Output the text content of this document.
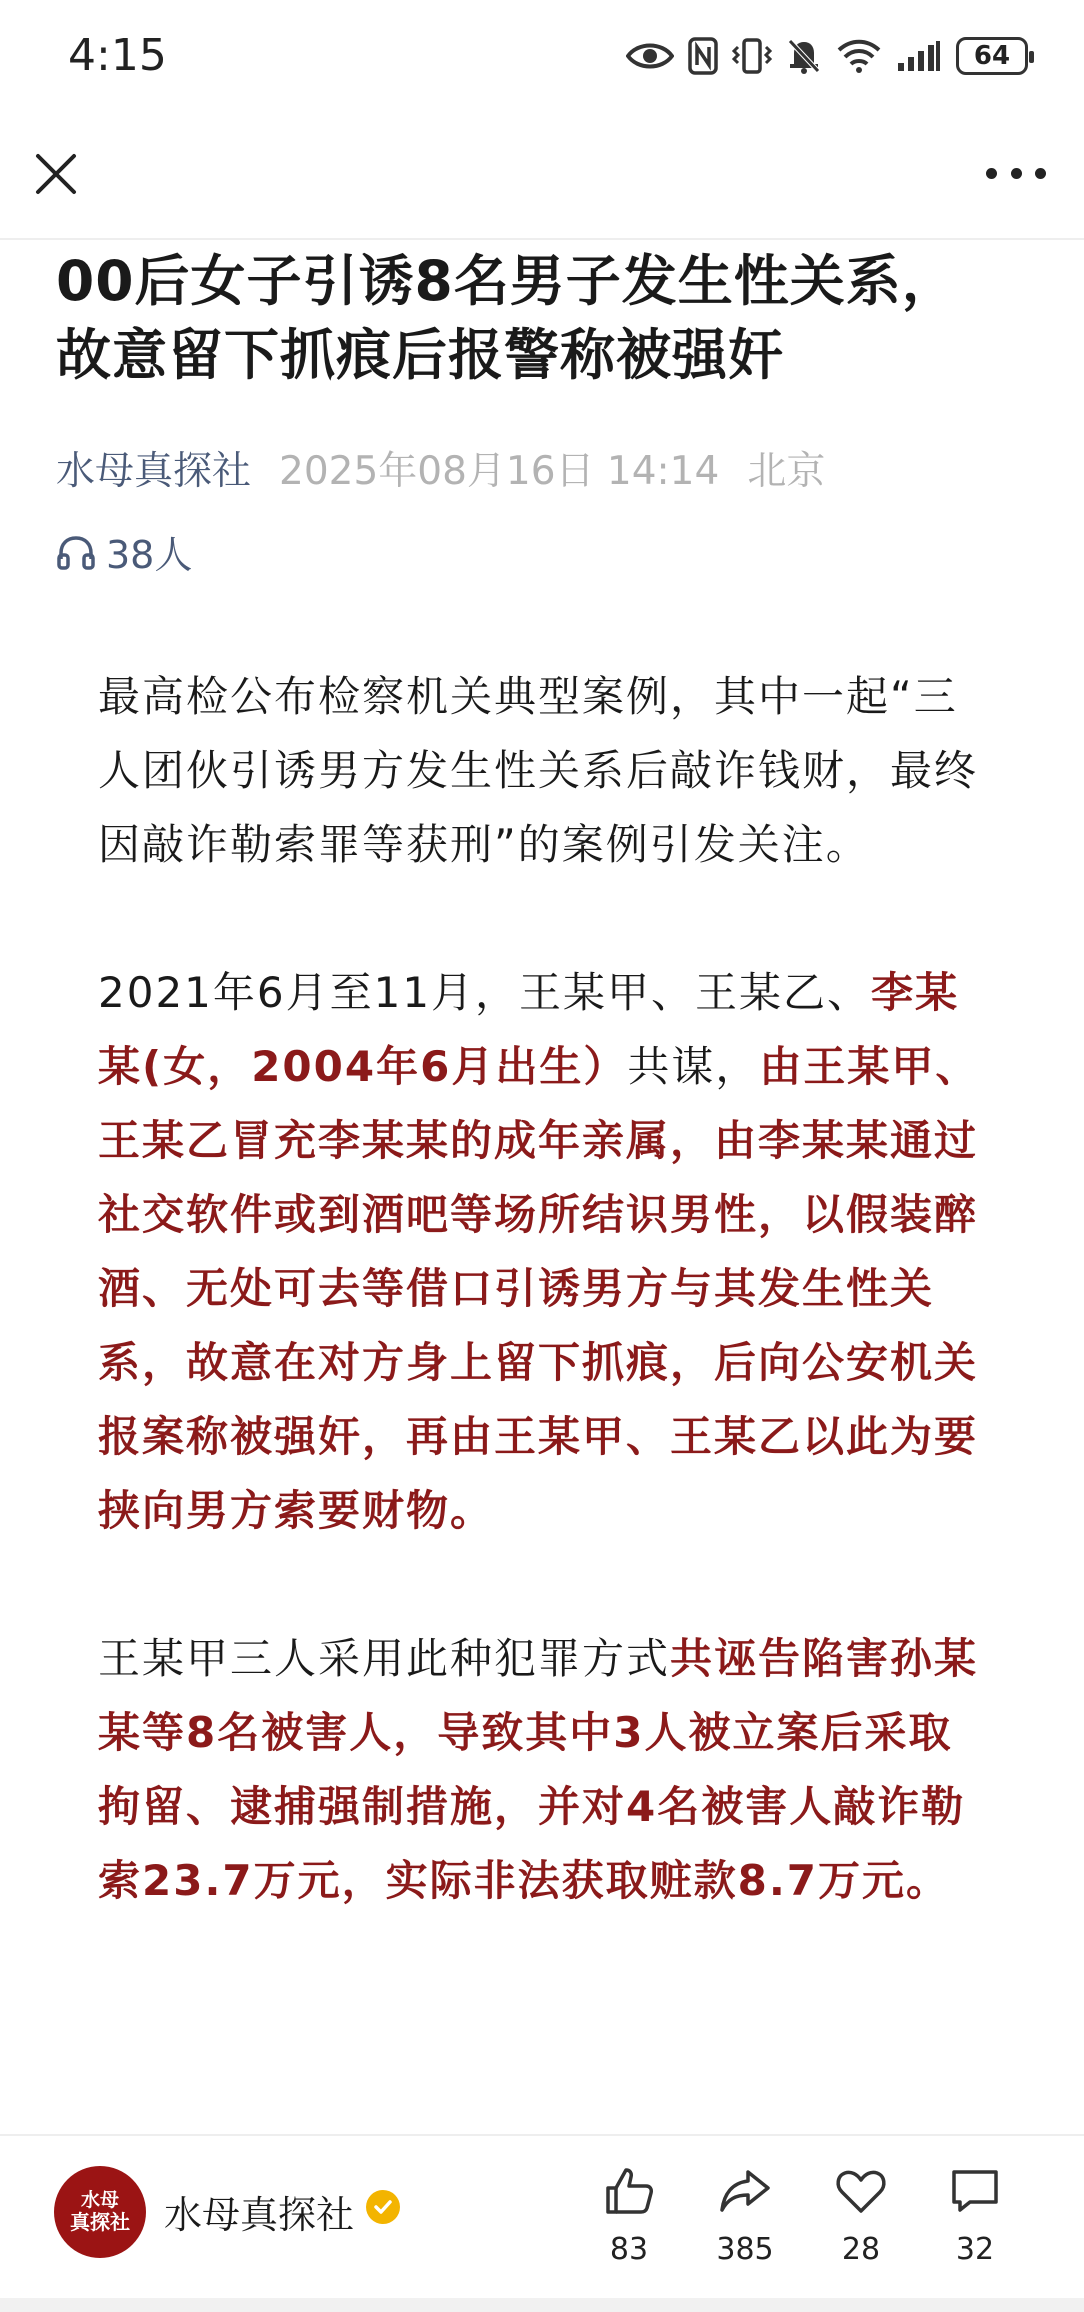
4:15	64
00后女子引诱8名男子发生性关系，
故意留下抓痕后报警称被强奸
水母真探社 2025年08月16日 14:14 北京
38人

最高检公布检察机关典型案例，其中一起“三人团伙引诱男方发生性关系后敲诈钱财，最终因敲诈勒索罪等获刑”的案例引发关注。

2021年6月至11月，王某甲、王某乙、李某某(女，2004年6月出生）共谋，由王某甲、王某乙冒充李某某的成年亲属，由李某某通过社交软件或到酒吧等场所结识男性，以假装醉酒、无处可去等借口引诱男方与其发生性关系，故意在对方身上留下抓痕，后向公安机关报案称被强奸，再由王某甲、王某乙以此为要挟向男方索要财物。

王某甲三人采用此种犯罪方式共诬告陷害孙某某等8名被害人，导致其中3人被立案后采取拘留、逮捕强制措施，并对4名被害人敲诈勒索23.7万元，实际非法获取赃款8.7万元。

水母
真探社 水母真探社
83	385	28	32
